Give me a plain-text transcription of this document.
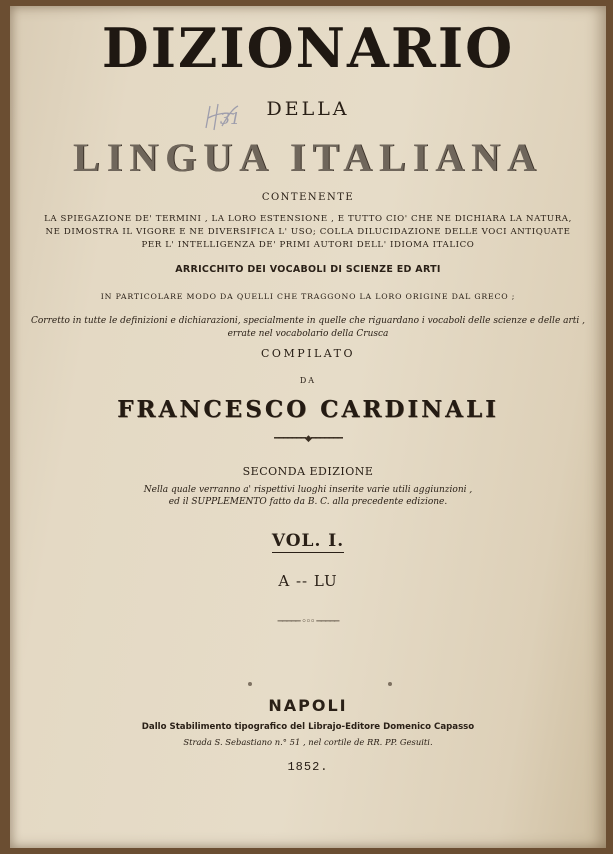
31
DIZIONARIO
DELLA
LINGUA ITALIANA
CONTENENTE
LA SPIEGAZIONE DE' TERMINI , LA LORO ESTENSIONE , E TUTTO CIO' CHE NE DICHIARA LA NATURA,
NE DIMOSTRA IL VIGORE E NE DIVERSIFICA L' USO; COLLA DILUCIDAZIONE DELLE VOCI ANTIQUATE
PER L' INTELLIGENZA DE' PRIMI AUTORI DELL' IDIOMA ITALICO
ARRICCHITO DEI VOCABOLI DI SCIENZE ED ARTI
IN PARTICOLARE MODO DA QUELLI CHE TRAGGONO LA LORO ORIGINE DAL GRECO ;
Corretto in tutte le definizioni e dichiarazioni, specialmente in quelle che riguardano i vocaboli delle scienze e delle arti ,
errate nel vocabolario della Crusca
COMPILATO
DA
FRANCESCO CARDINALI
━━━━━━━◆━━━━━━━
SECONDA EDIZIONE
Nella quale verranno a' rispettivi luoghi inserite varie utili aggiunzioni ,
ed il SUPPLEMENTO fatto da B. C. alla precedente edizione.
VOL. I.
A -- LU
───── ◦◦◦ ─────
NAPOLI
Dallo Stabilimento tipografico del Librajo-Editore Domenico Capasso
Strada S. Sebastiano n.° 51 , nel cortile de RR. PP. Gesuiti.
1852.
